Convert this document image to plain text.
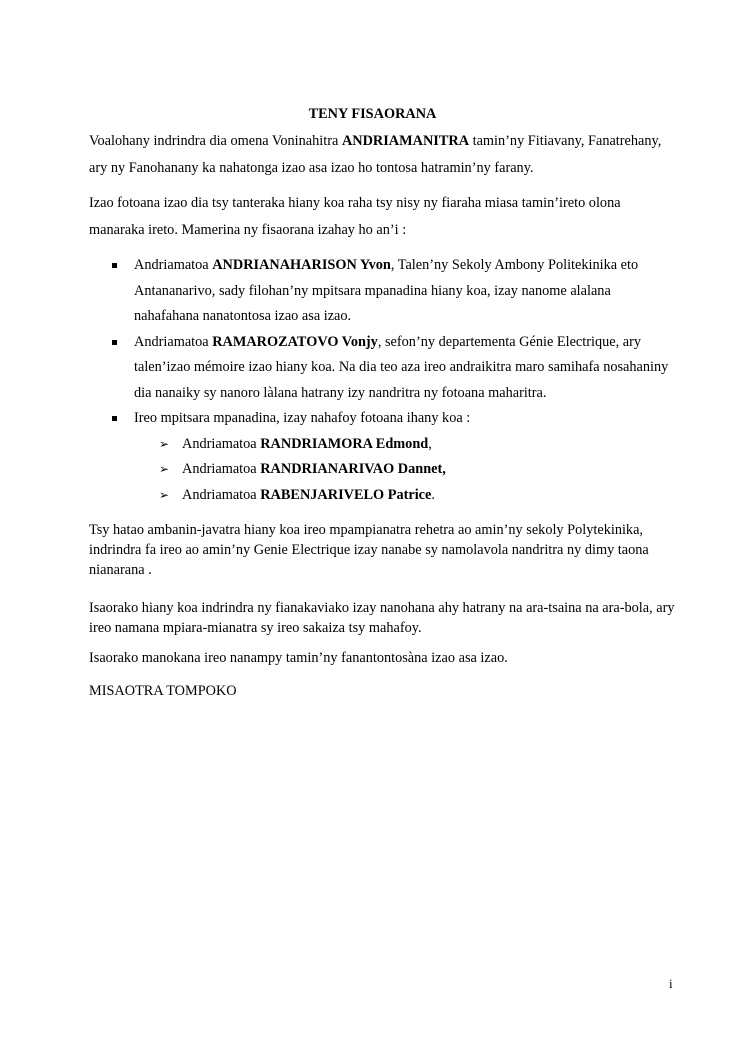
TENY FISAORANA

Voalohany indrindra dia omena Voninahitra ANDRIAMANITRA tamin’ny Fitiavany, Fanatrehany, ary ny Fanohanany ka nahatonga izao asa izao ho tontosa hatramin’ny farany.

Izao fotoana izao dia tsy tanteraka hiany koa raha tsy nisy ny fiaraha miasa tamin’ireto olona manaraka ireto. Mamerina ny fisaorana izahay ho an’i :

Andriamatoa ANDRIANAHARISON Yvon, Talen’ny Sekoly Ambony Politekinika eto Antananarivo, sady filohan’ny mpitsara mpanadina hiany koa, izay nanome alalana nahafahana nanatontosa izao asa izao.
Andriamatoa RAMAROZATOVO Vonjy, sefon’ny departementa Génie Electrique, ary talen’izao mémoire izao hiany koa. Na dia teo aza ireo andraikitra maro samihafa nosahaniny dia nanaiky sy nanoro làlana hatrany izy nandritra ny fotoana maharitra.
Ireo mpitsara mpanadina, izay nahafoy fotoana ihany koa :
➢ Andriamatoa RANDRIAMORA Edmond,
➢ Andriamatoa RANDRIANARIVAO Dannet,
➢ Andriamatoa RABENJARIVELO Patrice.

Tsy hatao ambanin-javatra hiany koa ireo mpampianatra rehetra ao amin’ny sekoly Polytekinika, indrindra fa ireo ao amin’ny Genie Electrique izay nanabe sy namolavola nandritra ny dimy taona nianarana .

Isaorako hiany koa indrindra ny fianakaviako izay nanohana ahy hatrany na ara-tsaina na ara-bola, ary ireo namana mpiara-mianatra sy ireo sakaiza tsy mahafoy.

Isaorako manokana ireo nanampy tamin’ny fanantontosàna izao asa izao.

MISAOTRA TOMPOKO

i
